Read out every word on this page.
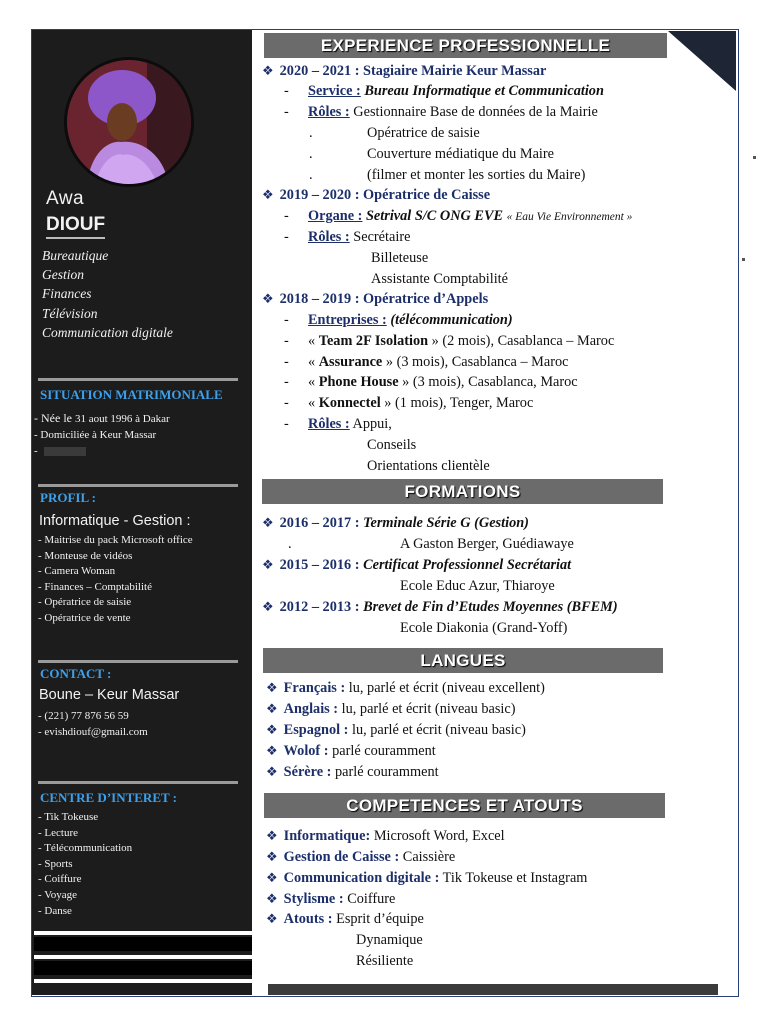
Awa
DIOUF
Bureautique
Gestion
Finances
Télévision
Communication digitale
SITUATION MATRIMONIALE
- Née le 31 aout 1996 à Dakar
- Domiciliée à Keur Massar
-
PROFIL :
Informatique - Gestion :
- Maitrise du pack Microsoft office
- Monteuse de vidéos
- Camera Woman
- Finances – Comptabilité
- Opératrice de saisie
- Opératrice de vente
CONTACT :
Boune – Keur Massar
- (221) 77 876 56 59
- evishdiouf@gmail.com
CENTRE D’INTERET :
- Tik Tokeuse
- Lecture
- Télécommunication
- Sports
- Coiffure
- Voyage
- Danse
EXPERIENCE PROFESSIONNELLE
❖ 2020 – 2021 : Stagiaire Mairie Keur Massar
- Service : Bureau Informatique et Communication
- Rôles : Gestionnaire Base de données de la Mairie
.	Opératrice de saisie
.	Couverture médiatique du Maire
.	(filmer et monter les sorties du Maire)
❖ 2019 – 2020 : Opératrice de Caisse
- Organe : Setrival S/C ONG EVE « Eau Vie Environnement »
- Rôles : Secrétaire
Billeteuse
Assistante Comptabilité
❖ 2018 – 2019 : Opératrice d’Appels
- Entreprises : (télécommunication)
- « Team 2F Isolation » (2 mois), Casablanca – Maroc
- « Assurance » (3 mois), Casablanca – Maroc
- « Phone House » (3 mois), Casablanca, Maroc
- « Konnectel » (1 mois), Tenger, Maroc
- Rôles : Appui,
Conseils
Orientations clientèle
FORMATIONS
❖ 2016 – 2017 : Terminale Série G (Gestion)
.	A Gaston Berger, Guédiawaye
❖ 2015 – 2016 : Certificat Professionnel Secrétariat
Ecole Educ Azur, Thiaroye
❖ 2012 – 2013 : Brevet de Fin d’Etudes Moyennes (BFEM)
Ecole Diakonia (Grand-Yoff)
LANGUES
❖ Français : lu, parlé et écrit (niveau excellent)
❖ Anglais : lu, parlé et écrit (niveau basic)
❖ Espagnol : lu, parlé et écrit (niveau basic)
❖ Wolof : parlé couramment
❖ Sérère : parlé couramment
COMPETENCES ET ATOUTS
❖ Informatique: Microsoft Word, Excel
❖ Gestion de Caisse : Caissière
❖ Communication digitale : Tik Tokeuse et Instagram
❖ Stylisme : Coiffure
❖ Atouts : Esprit d’équipe
Dynamique
Résiliente
